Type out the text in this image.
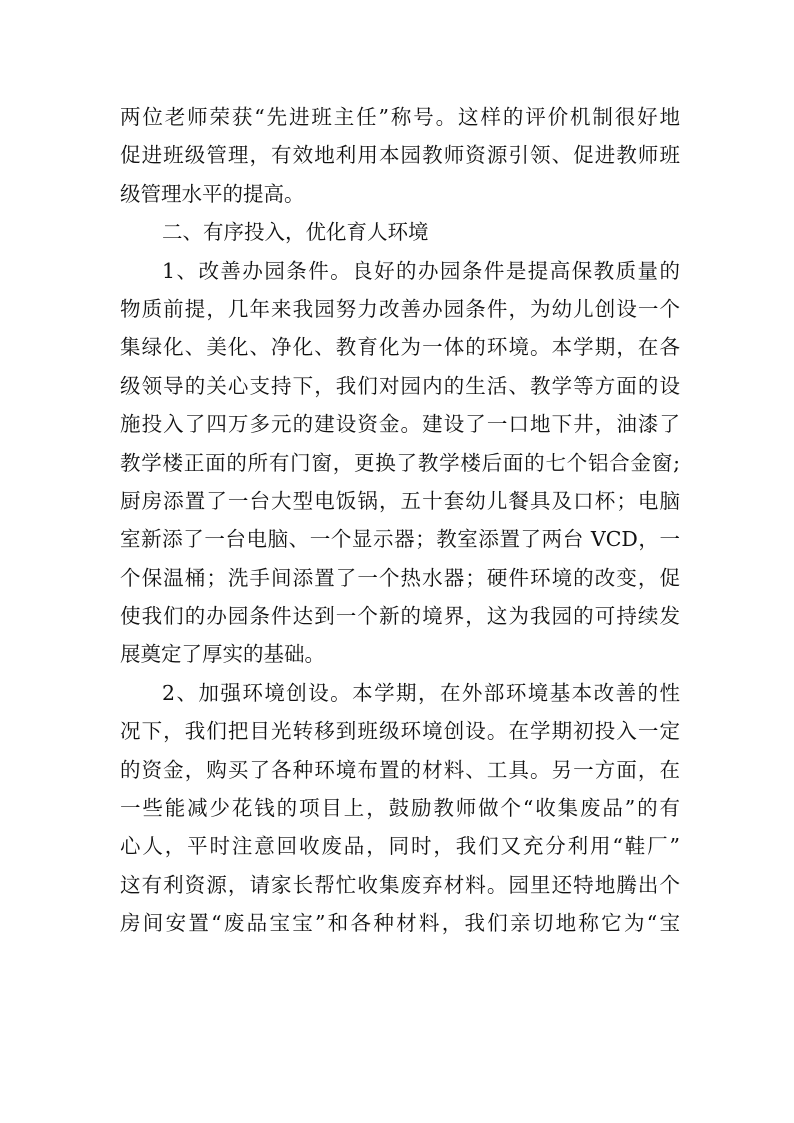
两位老师荣获“先进班主任”称号。这样的评价机制很好地
促进班级管理，有效地利用本园教师资源引领、促进教师班
级管理水平的提高。
二、有序投入，优化育人环境
1、改善办园条件。良好的办园条件是提高保教质量的
物质前提，几年来我园努力改善办园条件，为幼儿创设一个
集绿化、美化、净化、教育化为一体的环境。本学期，在各
级领导的关心支持下，我们对园内的生活、教学等方面的设
施投入了四万多元的建设资金。建设了一口地下井，油漆了
教学楼正面的所有门窗，更换了教学楼后面的七个铝合金窗;
厨房添置了一台大型电饭锅，五十套幼儿餐具及口杯；电脑
室新添了一台电脑、一个显示器；教室添置了两台 VCD，一
个保温桶；洗手间添置了一个热水器；硬件环境的改变，促
使我们的办园条件达到一个新的境界，这为我园的可持续发
展奠定了厚实的基础。
2、加强环境创设。本学期，在外部环境基本改善的性
况下，我们把目光转移到班级环境创设。在学期初投入一定
的资金，购买了各种环境布置的材料、工具。另一方面，在
一些能减少花钱的项目上，鼓励教师做个“收集废品”的有
心人，平时注意回收废品，同时，我们又充分利用“鞋厂”
这有利资源，请家长帮忙收集废弃材料。园里还特地腾出个
房间安置“废品宝宝”和各种材料，我们亲切地称它为“宝
